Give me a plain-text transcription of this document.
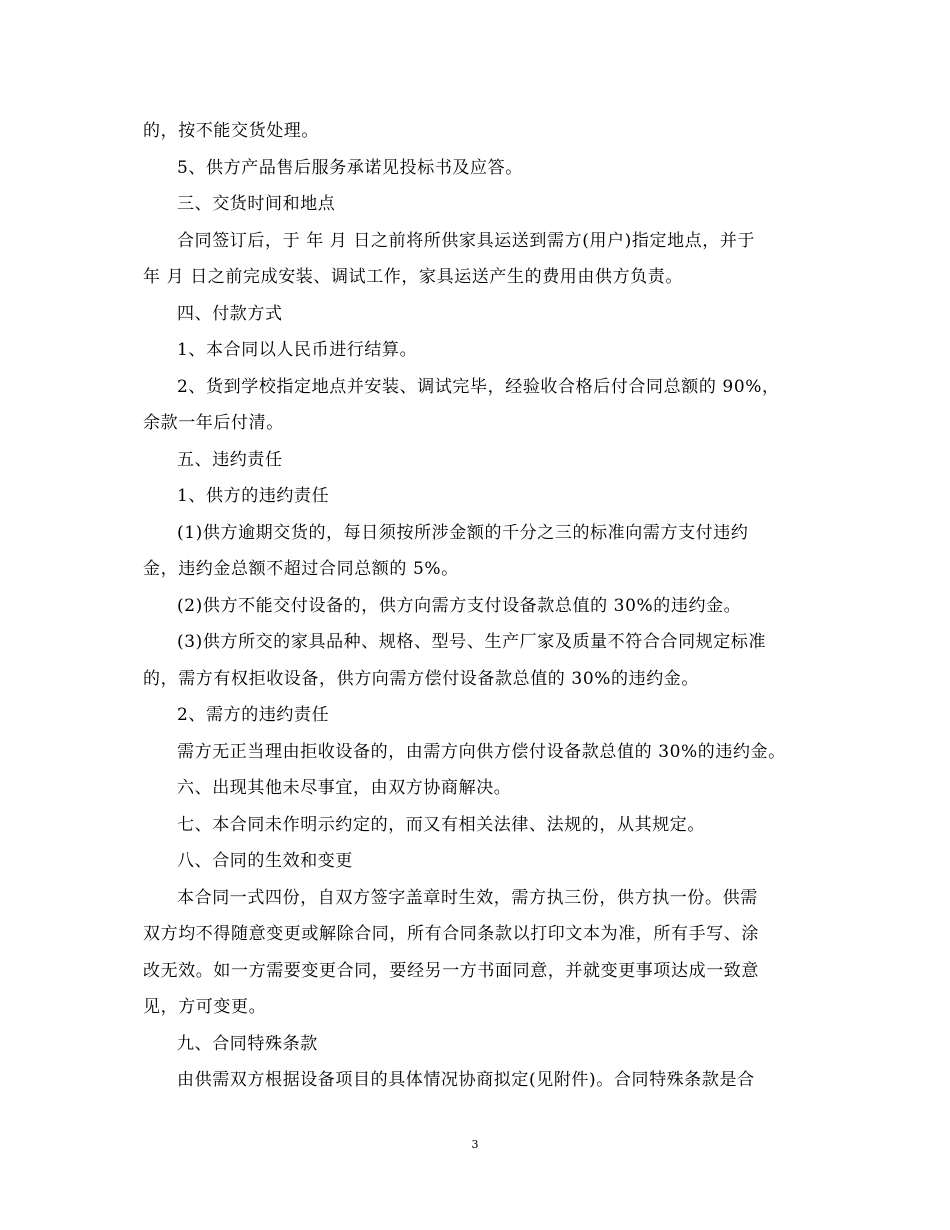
的，按不能交货处理。
5、供方产品售后服务承诺见投标书及应答。
三、交货时间和地点
合同签订后，于 年 月 日之前将所供家具运送到需方(用户)指定地点，并于
年 月 日之前完成安装、调试工作，家具运送产生的费用由供方负责。
四、付款方式
1、本合同以人民币进行结算。
2、货到学校指定地点并安装、调试完毕，经验收合格后付合同总额的 90%，
余款一年后付清。
五、违约责任
1、供方的违约责任
(1)供方逾期交货的，每日须按所涉金额的千分之三的标准向需方支付违约
金，违约金总额不超过合同总额的 5%。
(2)供方不能交付设备的，供方向需方支付设备款总值的 30%的违约金。
(3)供方所交的家具品种、规格、型号、生产厂家及质量不符合合同规定标准
的，需方有权拒收设备，供方向需方偿付设备款总值的 30%的违约金。
2、需方的违约责任
需方无正当理由拒收设备的，由需方向供方偿付设备款总值的 30%的违约金。
六、出现其他未尽事宜，由双方协商解决。
七、本合同未作明示约定的，而又有相关法律、法规的，从其规定。
八、合同的生效和变更
本合同一式四份，自双方签字盖章时生效，需方执三份，供方执一份。供需
双方均不得随意变更或解除合同，所有合同条款以打印文本为准，所有手写、涂
改无效。如一方需要变更合同，要经另一方书面同意，并就变更事项达成一致意
见，方可变更。
九、合同特殊条款
由供需双方根据设备项目的具体情况协商拟定(见附件)。合同特殊条款是合
3
